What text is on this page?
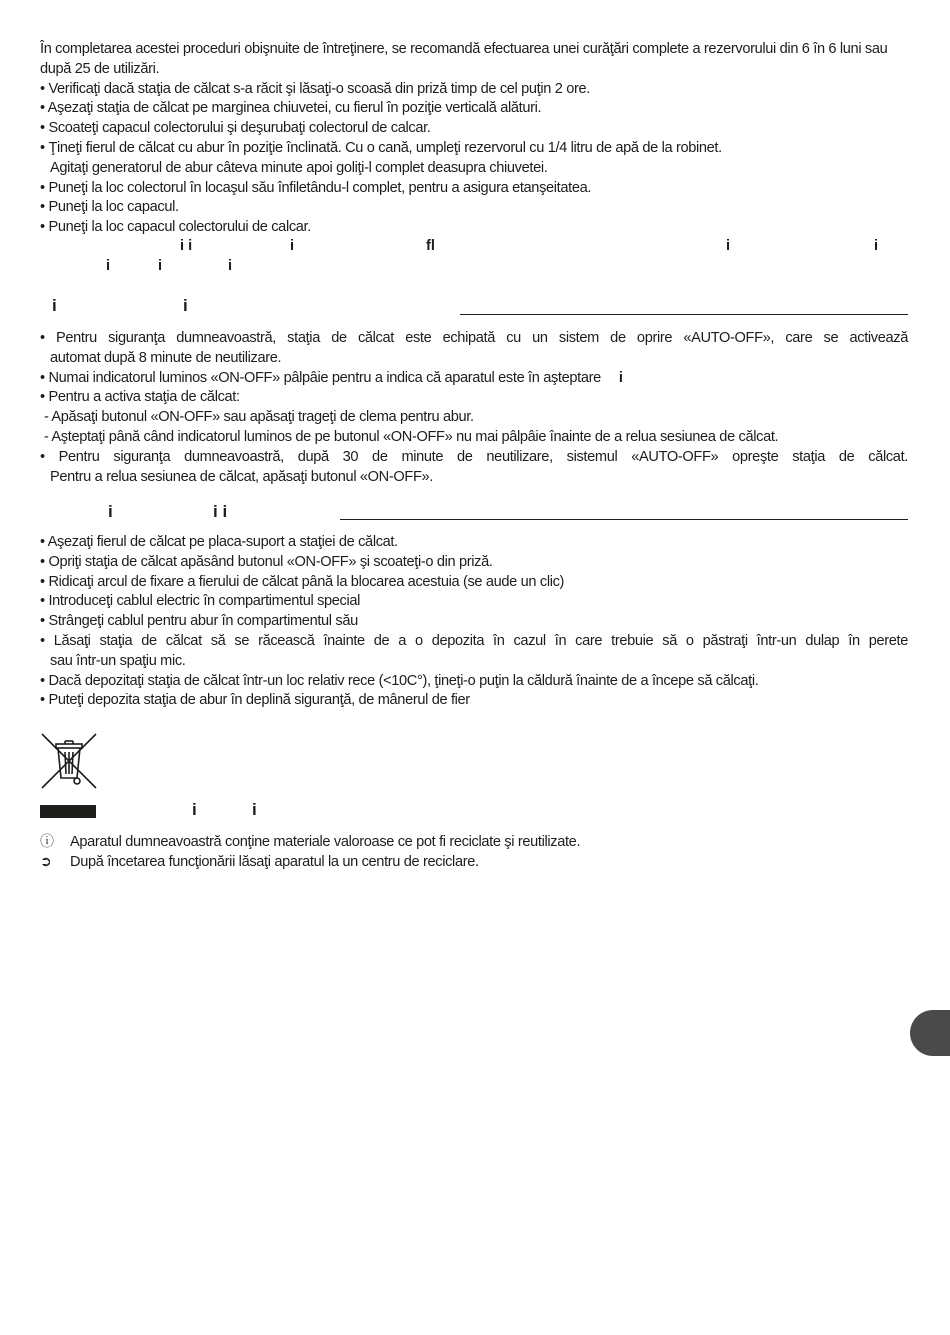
În completarea acestei proceduri obişnuite de întreţinere, se recomandă efectuarea unei curăţări complete a rezervorului din 6 în 6 luni sau după 25 de utilizări.

• Verificaţi dacă staţia de călcat s-a răcit şi lăsaţi-o scoasă din priză timp de cel puţin 2 ore.

• Aşezaţi staţia de călcat pe marginea chiuvetei, cu fierul în poziţie verticală alături.

• Scoateţi capacul colectorului şi deşurubaţi colectorul de calcar.

• Ţineţi fierul de călcat cu abur în poziţie înclinată. Cu o cană, umpleţi rezervorul cu 1/4 litru de apă de la robinet.

Agitaţi generatorul de abur câteva minute apoi goliţi-l complet deasupra chiuvetei.

• Puneţi la loc colectorul în locaşul său înfiletându-l complet, pentru a asigura etanşeitatea.

• Puneţi la loc capacul.

• Puneţi la loc capacul colectorului de calcar.

i i	i	fl	i	i
i	i	i
i	i

• Pentru siguranţa dumneavoastră, staţia de călcat este echipată cu un sistem de oprire «AUTO-OFF», care se activează

automat după 8 minute de neutilizare.

• Numai indicatorul luminos «ON-OFF» pâlpâie pentru a indica că aparatul este în aşteptare i

• Pentru a activa staţia de călcat:

- Apăsaţi butonul «ON-OFF» sau apăsaţi trageţi de clema pentru abur.

- Aşteptaţi până când indicatorul luminos de pe butonul «ON-OFF» nu mai pâlpâie înainte de a relua sesiunea de călcat.

• Pentru siguranţa dumneavoastră, după 30 de minute de neutilizare, sistemul «AUTO-OFF» opreşte staţia de călcat.

Pentru a relua sesiunea de călcat, apăsaţi butonul «ON-OFF».

i	i i

• Aşezaţi fierul de călcat pe placa-suport a staţiei de călcat.

• Opriţi staţia de călcat apăsând butonul «ON-OFF» şi scoateţi-o din priză.

• Ridicaţi arcul de fixare a fierului de călcat până la blocarea acestuia (se aude un clic)

• Introduceţi cablul electric în compartimentul special

• Strângeţi cablul pentru abur în compartimentul său

• Lăsaţi staţia de călcat să se răcească înainte de a o depozita în cazul în care trebuie să o păstraţi într-un dulap în perete

sau într-un spaţiu mic.

• Dacă depozitaţi staţia de călcat într-un loc relativ rece (<10C°), ţineţi-o puţin la căldură înainte de a începe să călcaţi.

• Puteţi depozita staţia de abur în deplină siguranţă, de mânerul de fier

i	i
ⓘ Aparatul dumneavoastră conţine materiale valoroase ce pot fi reciclate şi reutilizate.
➲ După încetarea funcţionării lăsaţi aparatul la un centru de reciclare.
